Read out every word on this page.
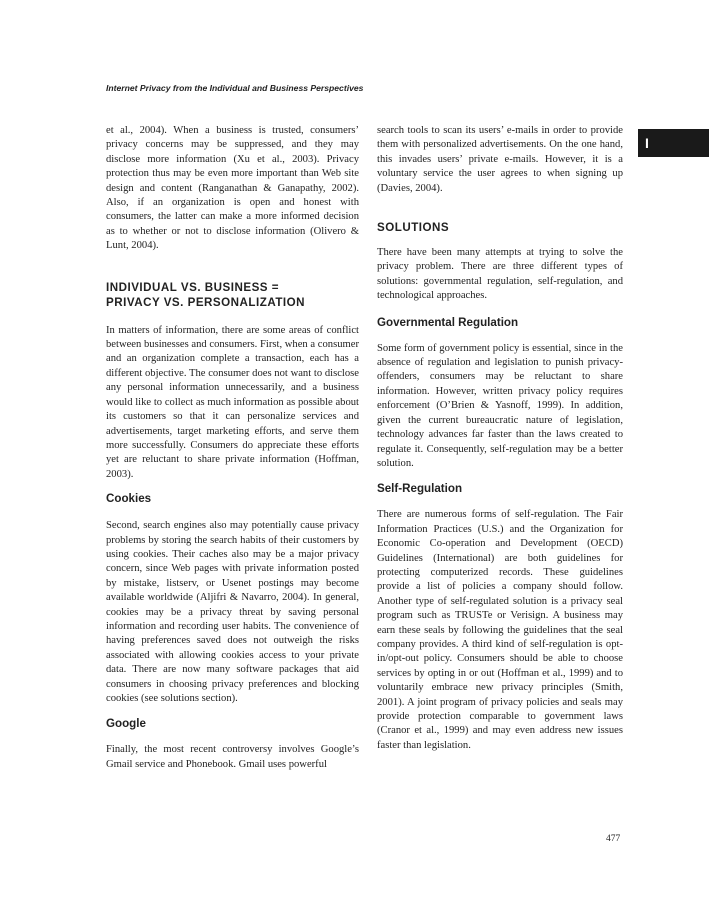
Internet Privacy from the Individual and Business Perspectives
I

et al., 2004). When a business is trusted, consumers’ privacy concerns may be suppressed, and they may disclose more information (Xu et al., 2003). Privacy protection thus may be even more important than Web site design and content (Ranganathan & Ganapathy, 2002). Also, if an organization is open and honest with consumers, the latter can make a more informed decision as to whether or not to disclose information (Olivero & Lunt, 2004).

INDIVIDUAL VS. BUSINESS =
PRIVACY VS. PERSONALIZATION

In matters of information, there are some areas of conflict between businesses and consumers. First, when a consumer and an organization complete a transaction, each has a different objective. The consumer does not want to disclose any personal information unnecessarily, and a business would like to collect as much information as possible about its customers so that it can personalize services and advertisements, target marketing efforts, and serve them more successfully. Consumers do appreciate these efforts yet are reluctant to share private information (Hoffman, 2003).

Cookies

Second, search engines also may potentially cause privacy problems by storing the search habits of their customers by using cookies. Their caches also may be a major privacy concern, since Web pages with private information posted by mistake, listserv, or Usenet postings may become available worldwide (Aljifri & Navarro, 2004). In general, cookies may be a privacy threat by saving personal information and recording user habits. The convenience of having preferences saved does not outweigh the risks associated with allowing cookies access to your private data. There are now many software packages that aid consumers in choosing privacy preferences and blocking cookies (see solutions section).

Google

Finally, the most recent controversy involves Google’s Gmail service and Phonebook. Gmail uses powerful

search tools to scan its users’ e-mails in order to provide them with personalized advertisements. On the one hand, this invades users’ private e-mails. However, it is a voluntary service the user agrees to when signing up (Davies, 2004).

SOLUTIONS

There have been many attempts at trying to solve the privacy problem. There are three different types of solutions: governmental regulation, self-regulation, and technological approaches.

Governmental Regulation

Some form of government policy is essential, since in the absence of regulation and legislation to punish privacy-offenders, consumers may be reluctant to share information. However, written privacy policy requires enforcement (O’Brien & Yasnoff, 1999). In addition, given the current bureaucratic nature of legislation, technology advances far faster than the laws created to regulate it. Consequently, self-regulation may be a better solution.

Self-Regulation

There are numerous forms of self-regulation. The Fair Information Practices (U.S.) and the Organization for Economic Co-operation and Development (OECD) Guidelines (International) are both guidelines for protecting computerized records. These guidelines provide a list of policies a company should follow. Another type of self-regulated solution is a privacy seal program such as TRUSTe or Verisign. A business may earn these seals by following the guidelines that the seal company provides. A third kind of self-regulation is opt-in/opt-out policy. Consumers should be able to choose services by opting in or out (Hoffman et al., 1999) and to voluntarily embrace new privacy principles (Smith, 2001). A joint program of privacy policies and seals may provide protection comparable to government laws (Cranor et al., 1999) and may even address new issues faster than legislation.

477
